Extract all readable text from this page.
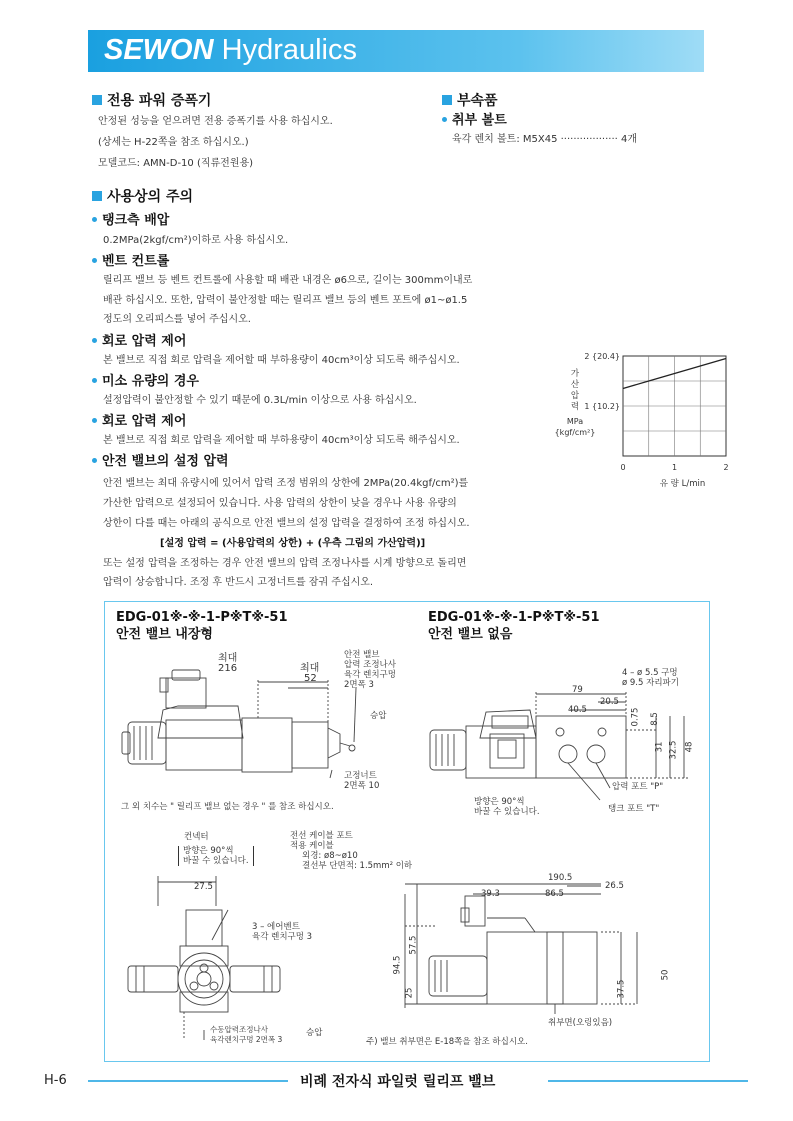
SEWON Hydraulics
전용 파워 증폭기
안정된 성능을 얻으려면 전용 증폭기를 사용 하십시오.
(상세는 H-22쪽을 참조 하십시오.)
모델코드: AMN-D-10 (직류전원용)
부속품
취부 볼트
육각 렌치 볼트: M5X45 ·················· 4개
사용상의 주의
탱크측 배압
0.2MPa(2kgf/cm²)이하로 사용 하십시오.
벤트 컨트롤
릴리프 밸브 등 벤트 컨트롤에 사용할 때 배관 내경은 ø6으로, 길이는 300mm이내로
배관 하십시오. 또한, 압력이 불안정할 때는 릴리프 밸브 등의 벤트 포트에 ø1~ø1.5
정도의 오리피스를 넣어 주십시오.
회로 압력 제어
본 밸브로 직접 회로 압력을 제어할 때 부하용량이 40cm³이상 되도록 해주십시오.
미소 유량의 경우
설정압력이 불안정할 수 있기 때문에 0.3L/min 이상으로 사용 하십시오.
회로 압력 제어
본 밸브로 직접 회로 압력을 제어할 때 부하용량이 40cm³이상 되도록 해주십시오.
안전 밸브의 설정 압력
안전 밸브는 최대 유량시에 있어서 압력 조정 범위의 상한에 2MPa(20.4kgf/cm²)를
가산한 압력으로 설정되어 있습니다. 사용 압력의 상한이 낮을 경우나 사용 유량의
상한이 다를 때는 아래의 공식으로 안전 밸브의 설정 압력을 결정하여 조정 하십시오.
[설정 압력 = (사용압력의 상한) + (우측 그림의 가산압력)]
또는 설정 압력을 조정하는 경우 안전 밸브의 압력 조정나사를 시계 방향으로 돌리면
압력이 상승합니다. 조정 후 반드시 고정너트를 잠궈 주십시오.
0	1	2
1 {10.2}
2 {20.4}
가
산
압
력
MPa
{kgf/cm²}
유 량 L/min
EDG-01※-※-1-P※T※-51
안전 밸브 내장형
EDG-01※-※-1-P※T※-51
안전 밸브 없음
최대
216	최대
52
안전 밸브
압력 조정나사
육각 렌치구멍
2면폭 3
승압
고정너트
2면폭 10
그 외 치수는 " 릴리프 밸브 없는 경우 " 를 참조 하십시오.
4 – ø 5.5 구멍
ø 9.5 자리파기
79
20.5
40.5	0.75 8.5
31 32.5 48
압력 포트 "P"
탱크 포트 "T"
방향은 90°씩
바꿀 수 있습니다.
컨넥터
방향은 90°씩
바꿀 수 있습니다.
27.5
3 – 에어벤트
육각 렌치구멍 3
수동압력조정나사
육각렌치구멍 2면폭 3
승압
전선 케이블 포트
적용 케이블
외경: ø8~ø10
결선부 단면적: 1.5mm² 이하
190.5
39.3	86.5
26.5
94.5
57.5
25	37.5
50
취부면(오링있음)
주) 밸브 취부면은 E-18쪽을 참조 하십시오.
H-6	비례 전자식 파일럿 릴리프 밸브
